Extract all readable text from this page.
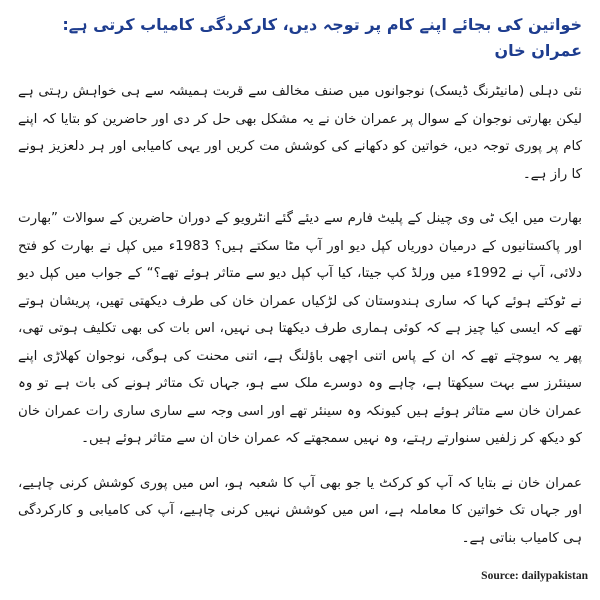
خواتین کی بجائے اپنے کام پر توجہ دیں، کارکردگی کامیاب کرتی ہے: عمران خان

نئی دہلی (مانیٹرنگ ڈیسک) نوجوانوں میں صنف مخالف سے قربت ہمیشہ سے ہی خواہش رہتی ہے لیکن بھارتی نوجوان کے سوال پر عمران خان نے یہ مشکل بھی حل کر دی اور حاضرین کو بتایا کہ اپنے کام پر پوری توجہ دیں، خواتین کو دکھانے کی کوشش مت کریں اور یہی کامیابی اور ہر دلعزیز ہونے کا راز ہے۔

بھارت میں ایک ٹی وی چینل کے پلیٹ فارم سے دیئے گئے انٹرویو کے دوران حاضرین کے سوالات ”بھارت اور پاکستانیوں کے درمیان دوریاں کپل دیو اور آپ مٹا سکتے ہیں؟ 1983ء میں کپل نے بھارت کو فتح دلائی، آپ نے 1992ء میں ورلڈ کپ جیتا، کیا آپ کپل دیو سے متاثر ہوئے تھے؟“ کے جواب میں کپل دیو نے ٹوکتے ہوئے کہا کہ ساری ہندوستان کی لڑکیاں عمران خان کی طرف دیکھتی تھیں، پریشان ہوتے تھے کہ ایسی کیا چیز ہے کہ کوئی ہماری طرف دیکھتا ہی نہیں، اس بات کی بھی تکلیف ہوتی تھی، پھر یہ سوچتے تھے کہ ان کے پاس اتنی اچھی باؤلنگ ہے، اتنی محنت کی ہوگی، نوجوان کھلاڑی اپنے سینئرز سے بہت سیکھتا ہے، چاہے وہ دوسرے ملک سے ہو، جہاں تک متاثر ہونے کی بات ہے تو وہ عمران خان سے متاثر ہوئے ہیں کیونکہ وہ سینئر تھے اور اسی وجہ سے ساری ساری رات عمران خان کو دیکھ کر زلفیں سنوارتے رہتے، وہ نہیں سمجھتے کہ عمران خان ان سے متاثر ہوئے ہیں۔

عمران خان نے بتایا کہ آپ کو کرکٹ یا جو بھی آپ کا شعبہ ہو، اس میں پوری کوشش کرنی چاہیے، اور جہاں تک خواتین کا معاملہ ہے، اس میں کوشش نہیں کرنی چاہیے، آپ کی کامیابی و کارکردگی ہی کامیاب بناتی ہے۔

Source: dailypakistan
